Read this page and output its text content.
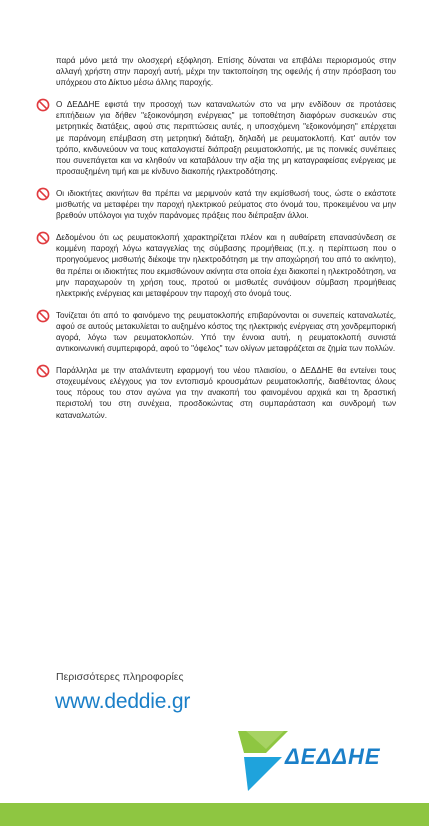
παρά μόνο μετά την ολοσχερή εξόφληση. Επίσης δύναται να επιβάλει περιορισμούς στην αλλαγή χρήστη στην παροχή αυτή, μέχρι την τακτοποίηση της οφειλής ή στην πρόσβαση του υπόχρεου στο Δίκτυο μέσω άλλης παροχής.

Ο ΔΕΔΔΗΕ εφιστά την προσοχή των καταναλωτών στο να μην ενδίδουν σε προτάσεις επιτήδειων για δήθεν "εξοικονόμηση ενέργειας" με τοποθέτηση διαφόρων συσκευών στις μετρητικές διατάξεις, αφού στις περιπτώσεις αυτές, η υποσχόμενη "εξοικονόμηση" επέρχεται με παράνομη επέμβαση στη μετρητική διάταξη, δηλαδή με ρευματοκλοπή. Κατ' αυτόν τον τρόπο, κινδυνεύουν να τους καταλογιστεί διάπραξη ρευματοκλοπής, με τις ποινικές συνέπειες που συνεπάγεται και να κληθούν να καταβάλουν την αξία της μη καταγραφείσας ενέργειας με προσαυξημένη τιμή και με κίνδυνο διακοπής ηλεκτροδότησης.
Οι ιδιοκτήτες ακινήτων θα πρέπει να μεριμνούν κατά την εκμίσθωσή τους, ώστε ο εκάστοτε μισθωτής να μεταφέρει την παροχή ηλεκτρικού ρεύματος στο όνομά του, προκειμένου να μην βρεθούν υπόλογοι για τυχόν παράνομες πράξεις που διέπραξαν άλλοι.
Δεδομένου ότι ως ρευματοκλοπή χαρακτηρίζεται πλέον και η αυθαίρετη επανασύνδεση σε κομμένη παροχή λόγω καταγγελίας της σύμβασης προμήθειας (π.χ. η περίπτωση που ο προηγούμενος μισθωτής διέκοψε την ηλεκτροδότηση με την αποχώρησή του από το ακίνητο), θα πρέπει οι ιδιοκτήτες που εκμισθώνουν ακίνητα στα οποία έχει διακοπεί η ηλεκτροδότηση, να μην παραχωρούν τη χρήση τους, προτού οι μισθωτές συνάψουν σύμβαση προμήθειας ηλεκτρικής ενέργειας και μεταφέρουν την παροχή στο όνομά τους.
Τονίζεται ότι από το φαινόμενο της ρευματοκλοπής επιβαρύνονται οι συνεπείς καταναλωτές, αφού σε αυτούς μετακυλίεται το αυξημένο κόστος της ηλεκτρικής ενέργειας στη χονδρεμπορική αγορά, λόγω των ρευματοκλοπών. Υπό την έννοια αυτή, η ρευματοκλοπή συνιστά αντικοινωνική συμπεριφορά, αφού το "όφελος" των ολίγων μεταφράζεται σε ζημία των πολλών.
Παράλληλα με την αταλάντευτη εφαρμογή του νέου πλαισίου, ο ΔΕΔΔΗΕ θα εντείνει τους στοχευμένους ελέγχους για τον εντοπισμό κρουσμάτων ρευματοκλοπής, διαθέτοντας όλους τους πόρους του στον αγώνα για την ανακοπή του φαινομένου αρχικά και τη δραστική περιστολή του στη συνέχεια, προσδοκώντας στη συμπαράσταση και συνδρομή των καταναλωτών.
Περισσότερες πληροφορίες
www.deddie.gr
ΔΕΔΔΗΕ
